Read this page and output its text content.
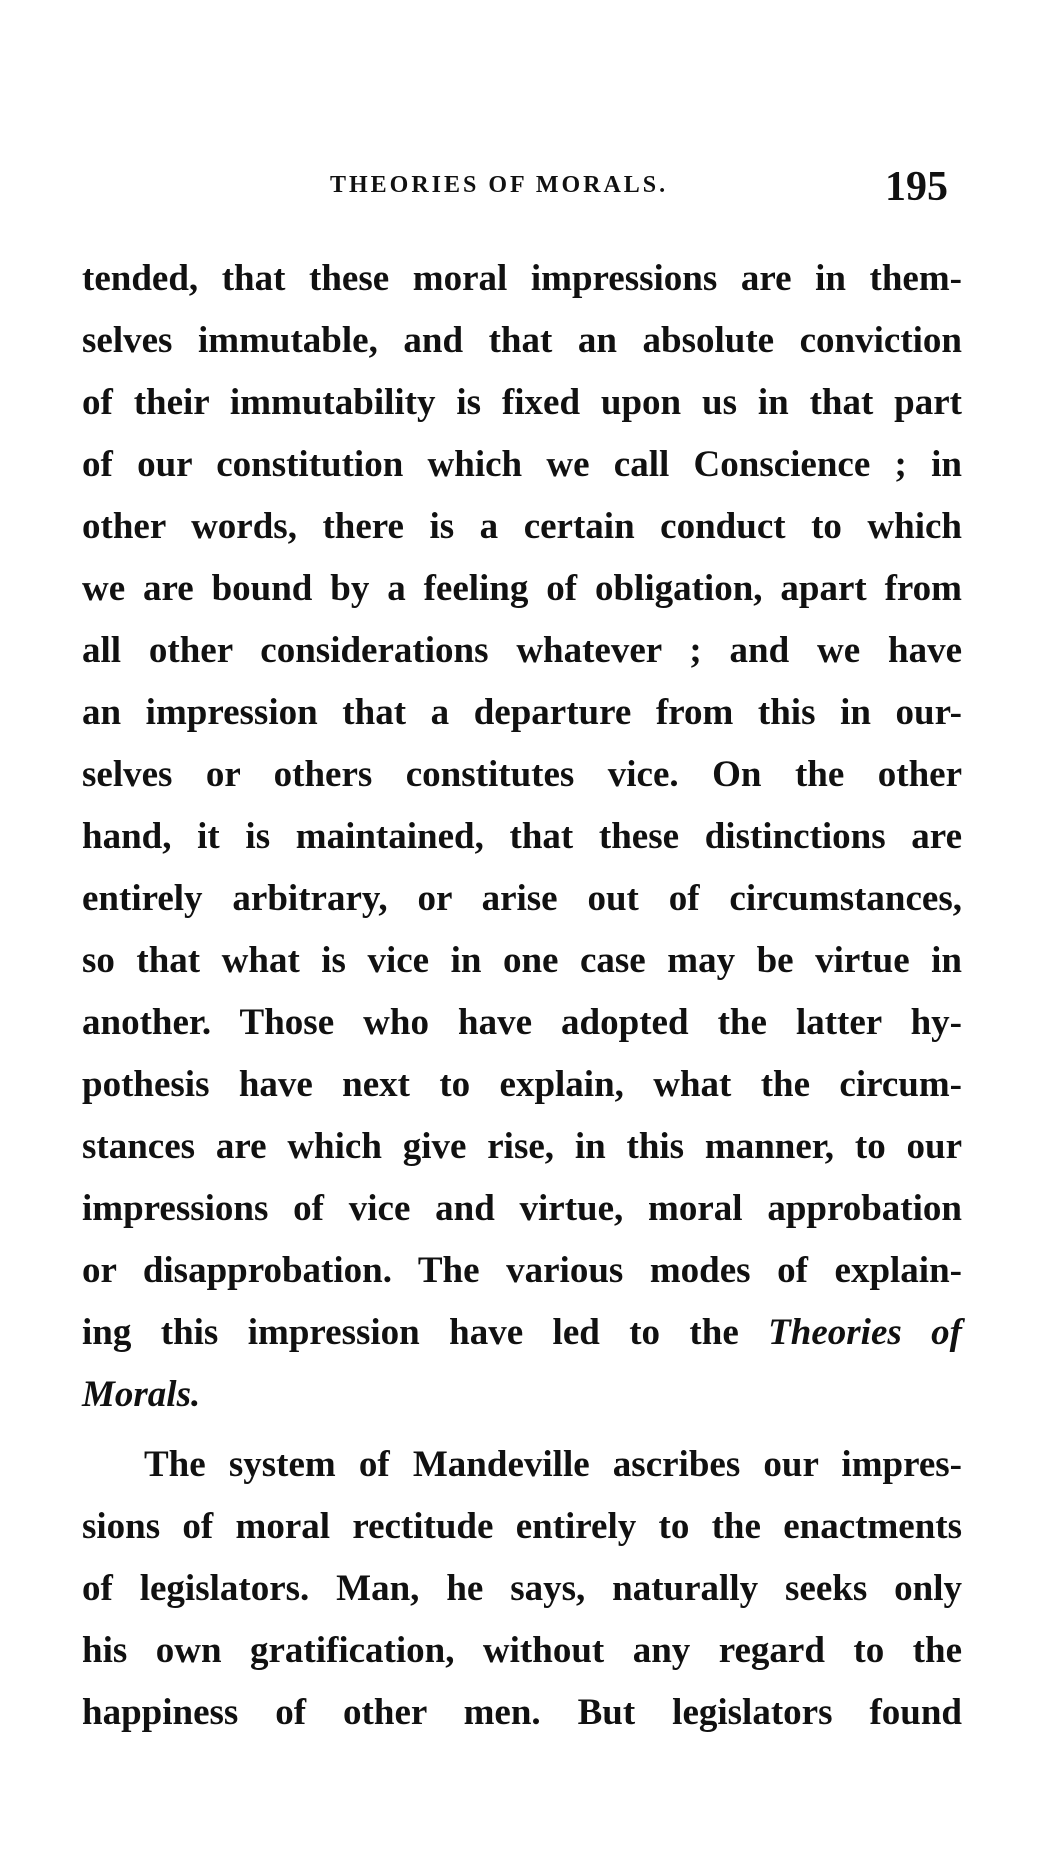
THEORIES OF MORALS.	195
tended, that these moral impressions are in them-
selves immutable, and that an absolute conviction
of their immutability is fixed upon us in that part
of our constitution which we call Conscience ; in
other words, there is a certain conduct to which
we are bound by a feeling of obligation, apart from
all other considerations whatever ; and we have
an impression that a departure from this in our-
selves or others constitutes vice. On the other
hand, it is maintained, that these distinctions are
entirely arbitrary, or arise out of circumstances,
so that what is vice in one case may be virtue in
another. Those who have adopted the latter hy-
pothesis have next to explain, what the circum-
stances are which give rise, in this manner, to our
impressions of vice and virtue, moral approbation
or disapprobation. The various modes of explain-
ing this impression have led to the Theories of
Morals.
The system of Mandeville ascribes our impres-
sions of moral rectitude entirely to the enactments
of legislators. Man, he says, naturally seeks only
his own gratification, without any regard to the
happiness of other men. But legislators found
